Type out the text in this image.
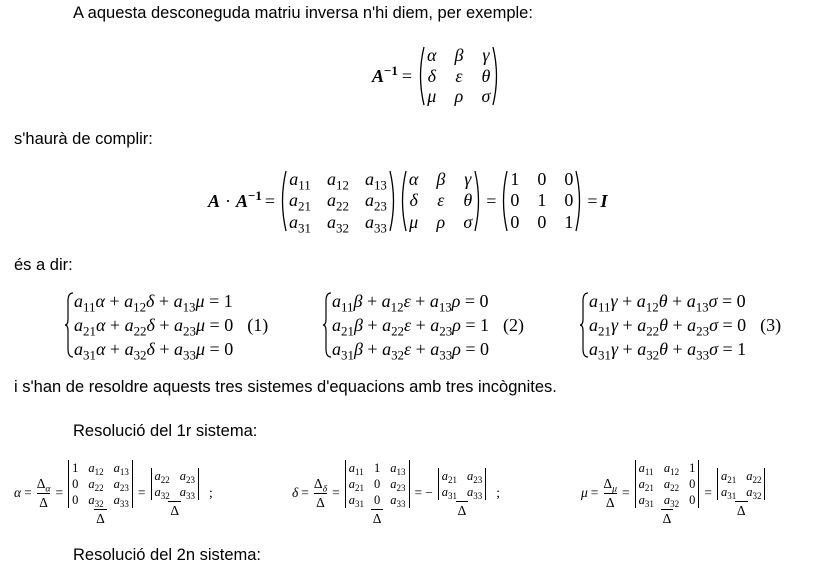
A aquesta desconeguda matriu inversa n'hi diem, per exemple:
$A^{-1}$ =
α β γ
δ ε θ
μ ρ σ
s'haurà de complir:
$A \cdot A^{-1}$ =
$a_{11}$ $a_{12}$ $a_{13}$
$a_{21}$ $a_{22}$ $a_{23}$
$a_{31}$ $a_{32}$ $a_{33}$
α β γ
δ ε θ
μ ρ σ
=
1 0 0
0 1 0
0 0 1
= I
és a dir:
$a_{11}\alpha + a_{12}\delta + a_{13}\mu = 1$
$a_{21}\alpha + a_{22}\delta + a_{23}\mu = 0$
$a_{31}\alpha + a_{32}\delta + a_{33}\mu = 0$
(1)
$a_{11}\beta + a_{12}\varepsilon + a_{13}\rho = 0$
$a_{21}\beta + a_{22}\varepsilon + a_{23}\rho = 1$
$a_{31}\beta + a_{32}\varepsilon + a_{33}\rho = 0$
(2)
$a_{11}\gamma + a_{12}\theta + a_{13}\sigma = 0$
$a_{21}\gamma + a_{22}\theta + a_{23}\sigma = 0$
$a_{31}\gamma + a_{32}\theta + a_{33}\sigma = 1$
(3)
i s'han de resoldre aquests tres sistemes d'equacions amb tres incògnites.
Resolució del 1r sistema:
$\alpha = \frac{\Delta_\alpha}{\Delta} = 1$ $a_{12}$ $a_{13}$
0 $a_{22}$ $a_{23}$
0 $a_{32}$ $a_{33}$
$\Delta = a_{22}$ $a_{23}$
$a_{32}$ $a_{33}$
Δ ;	$\delta = \frac{\Delta_\delta}{\Delta} = a_{11}$ 1 $a_{13}$
$a_{21}$ 0 $a_{23}$
$a_{31}$ 0 $a_{33}$
Δ = − $a_{21}$ $a_{23}$
$a_{31}$ $a_{33}$
Δ ;	$\mu = \frac{\Delta_\mu}{\Delta} = a_{11}$ $a_{12}$ 1
$a_{21}$ $a_{22}$ 0
$a_{31}$ $a_{32}$ 0
$\Delta = a_{21}$ $a_{22}$
$a_{31}$ $a_{32}$
Δ
Resolució del 2n sistema:
